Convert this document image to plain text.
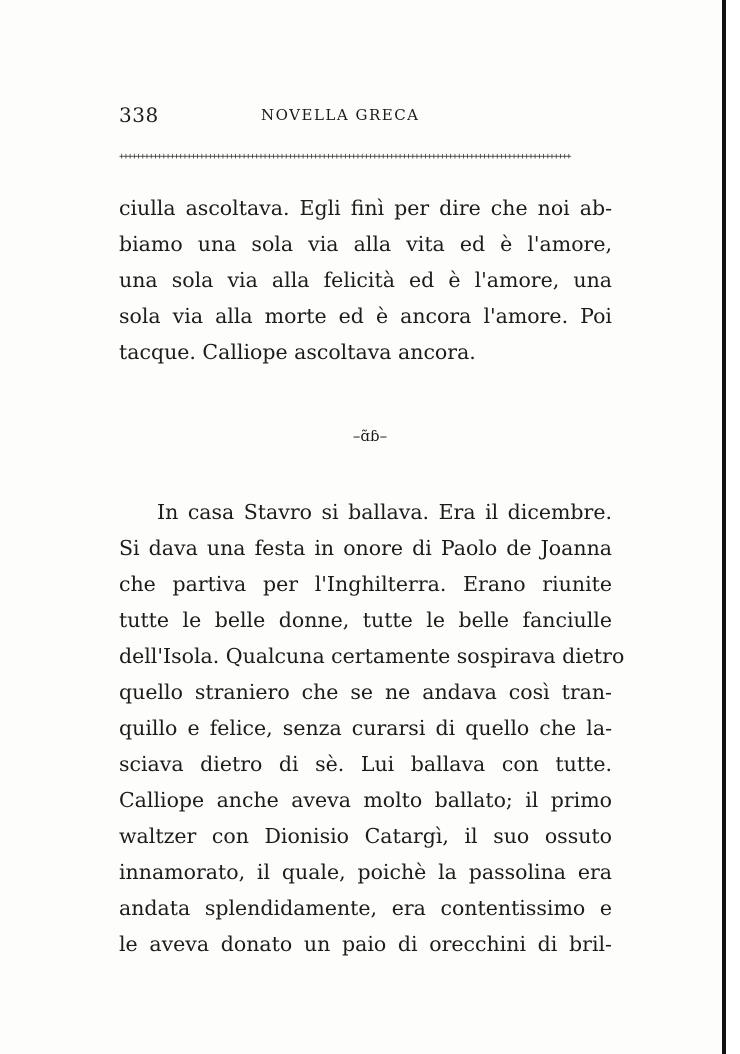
338	NOVELLA GRECA
+++++++++++++++++++++++++++++++++++++++++++++++++++++++++++++++++++++++++++++++++++++++++++++++++++++++++++
ciulla ascoltava. Egli finì per dire che noi ab-
biamo una sola via alla vita ed è l'amore,
una sola via alla felicità ed è l'amore, una
sola via alla morte ed è ancora l'amore. Poi
tacque. Calliope ascoltava ancora.
–ɑ̃ɓ–
In casa Stavro si ballava. Era il dicembre.
Si dava una festa in onore di Paolo de Joanna
che partiva per l'Inghilterra. Erano riunite
tutte le belle donne, tutte le belle fanciulle
dell'Isola. Qualcuna certamente sospirava dietro
quello straniero che se ne andava così tran-
quillo e felice, senza curarsi di quello che la-
sciava dietro di sè. Lui ballava con tutte.
Calliope anche aveva molto ballato; il primo
waltzer con Dionisio Catargì, il suo ossuto
innamorato, il quale, poichè la passolina era
andata splendidamente, era contentissimo e
le aveva donato un paio di orecchini di bril-
